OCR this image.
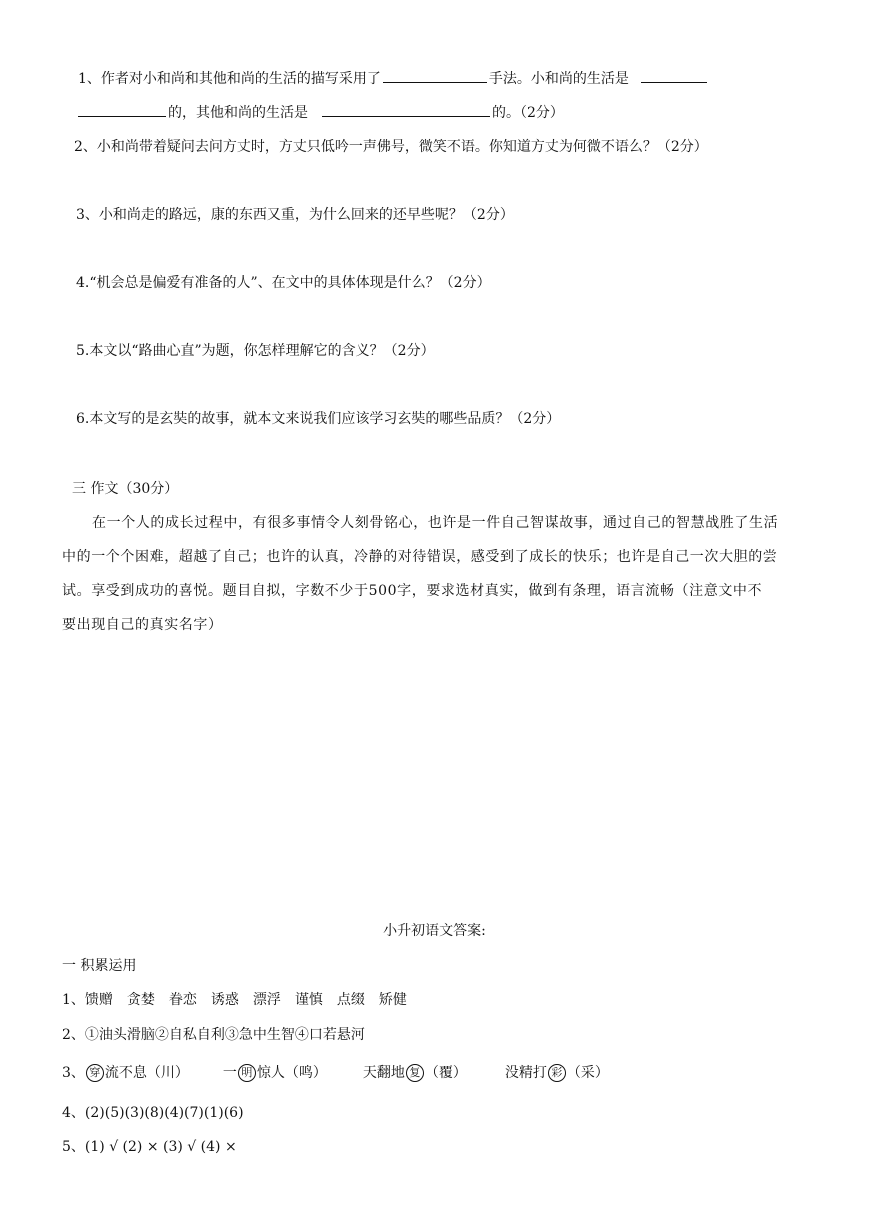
1、作者对小和尚和其他和尚的生活的描写采用了	手法。小和尚的生活是
的，其他和尚的生活是	的。（2分）
2、小和尚带着疑问去问方丈时，方丈只低吟一声佛号，微笑不语。你知道方丈为何微不语么？（2分）
3、小和尚走的路远，康的东西又重，为什么回来的还早些呢？（2分）
4.“机会总是偏爱有准备的人”、在文中的具体体现是什么？（2分）
5.本文以“路曲心直”为题，你怎样理解它的含义？（2分）
6.本文写的是玄奘的故事，就本文来说我们应该学习玄奘的哪些品质？（2分）
三 作文（30分）
在一个人的成长过程中，有很多事情令人刻骨铭心，也许是一件自己智谋故事，通过自己的智慧战胜了生活
中的一个个困难，超越了自己；也许的认真，冷静的对待错误，感受到了成长的快乐；也许是自己一次大胆的尝
试。享受到成功的喜悦。题目自拟，字数不少于500字，要求选材真实，做到有条理，语言流畅（注意文中不
要出现自己的真实名字）
小升初语文答案:
一 积累运用
1、馈赠　贪婪　眷恋　诱惑　漂浮　谨慎　点缀　矫健
2、①油头滑脑②自私自利③急中生智④口若悬河
3、 穿 流不息（川） 一 明 惊人（鸣）	天翻地 复 （覆）	没精打 彩 （采）
4、(2)(5)(3)(8)(4)(7)(1)(6)
5、(1) √ (2) × (3) √ (4) ×
